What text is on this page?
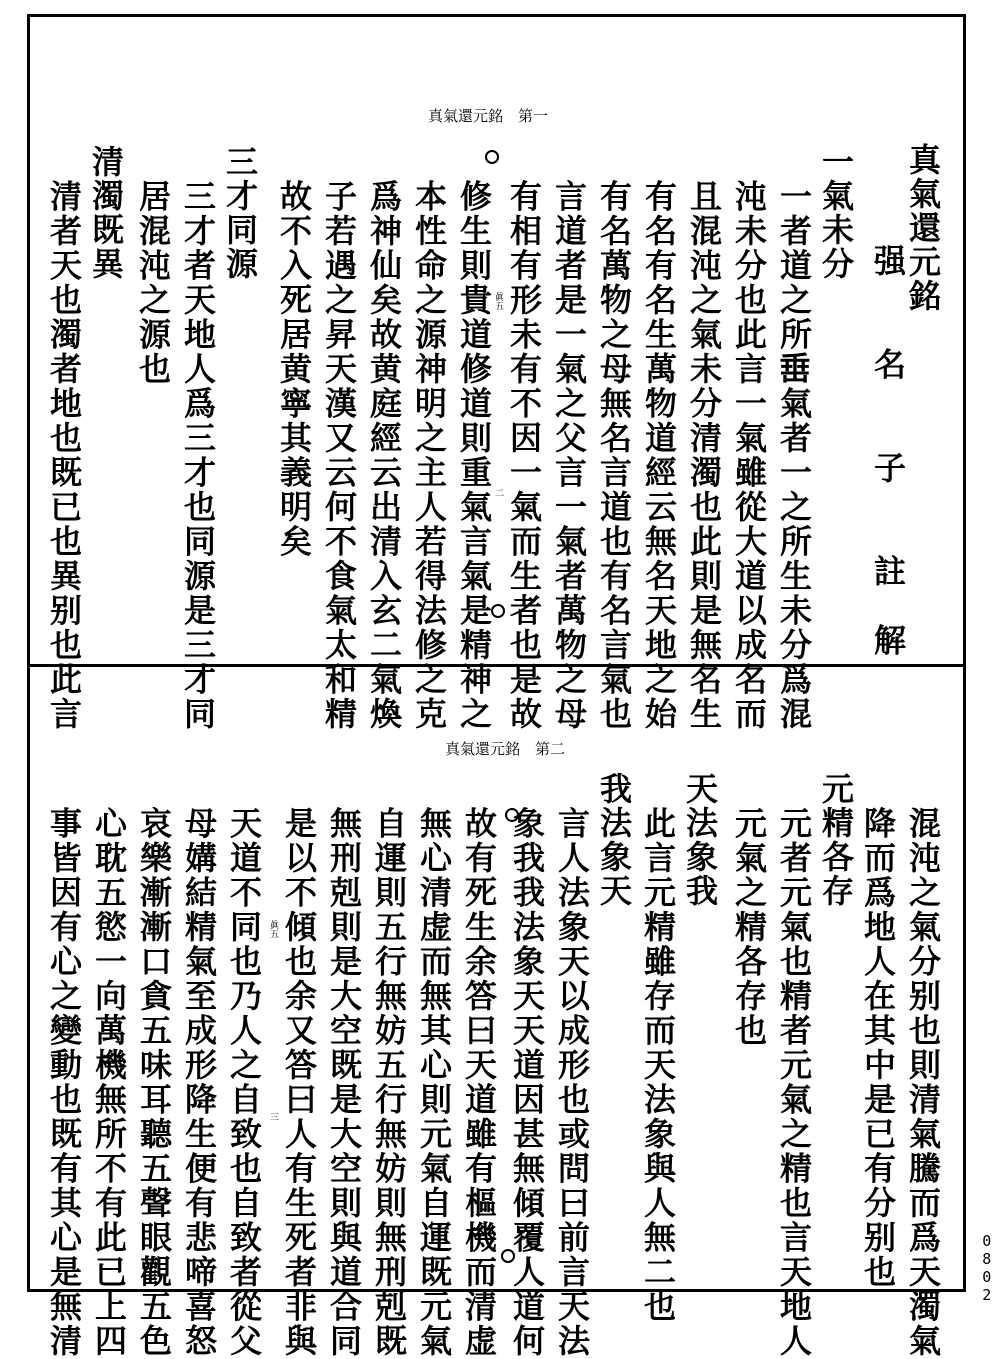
真氣還元銘　第一
眞五
二
真氣還元銘
　　强　　名　　子　　註　解
一氣未分
　一者道之所𡸁氣者一之所生未分爲混
　沌未分也此言一氣雖從大道以成名而
　且混沌之氣未分清濁也此則是無名生
　有名有名生萬物道經云無名天地之始
　有名萬物之母無名言道也有名言氣也
　言道者是一氣之父言一氣者萬物之母
　有相有形未有不因一氣而生者也是故
　修生則貴道修道則重氣言氣是精神之
　本性命之源神明之主人若得法修之克
　爲神仙矣故黄庭經云出清入玄二氣煥
　子若遇之昇天漢又云何不食氣太和精
　故不入死居黄寧其義明矣
三才同源
　三才者天地人爲三才也同源是三才同
　居混沌之源也
清濁既異
　清者天也濁者地也既已也異别也此言
真氣還元銘　第二
眞五
三	　混沌之氣分别也則清氣騰而爲天濁氣
　降而爲地人在其中是已有分别也
元精各存
　元者元氣也精者元氣之精也言天地人
　元氣之精各存也
天法象我
　此言元精雖存而天法象與人無二也
我法象天
　言人法象天以成形也或問曰前言天法
　象我我法象天天道因甚無傾覆人道何
　故有死生余答曰天道雖有樞機而清虚
　無心清虚而無其心則元氣自運既元氣
　自運則五行無妨五行無妨則無刑剋既
　無刑剋則是大空既是大空則與道合同
　是以不傾也余又答曰人有生死者非與
　天道不同也乃人之自致也自致者從父
　母媾結精氣至成形降生便有悲啼喜怒
　哀樂漸漸口貪五味耳聽五聲眼觀五色
　心耽五慾一向萬機無所不有此已上四
　事皆因有心之變動也既有其心是無清	0802
